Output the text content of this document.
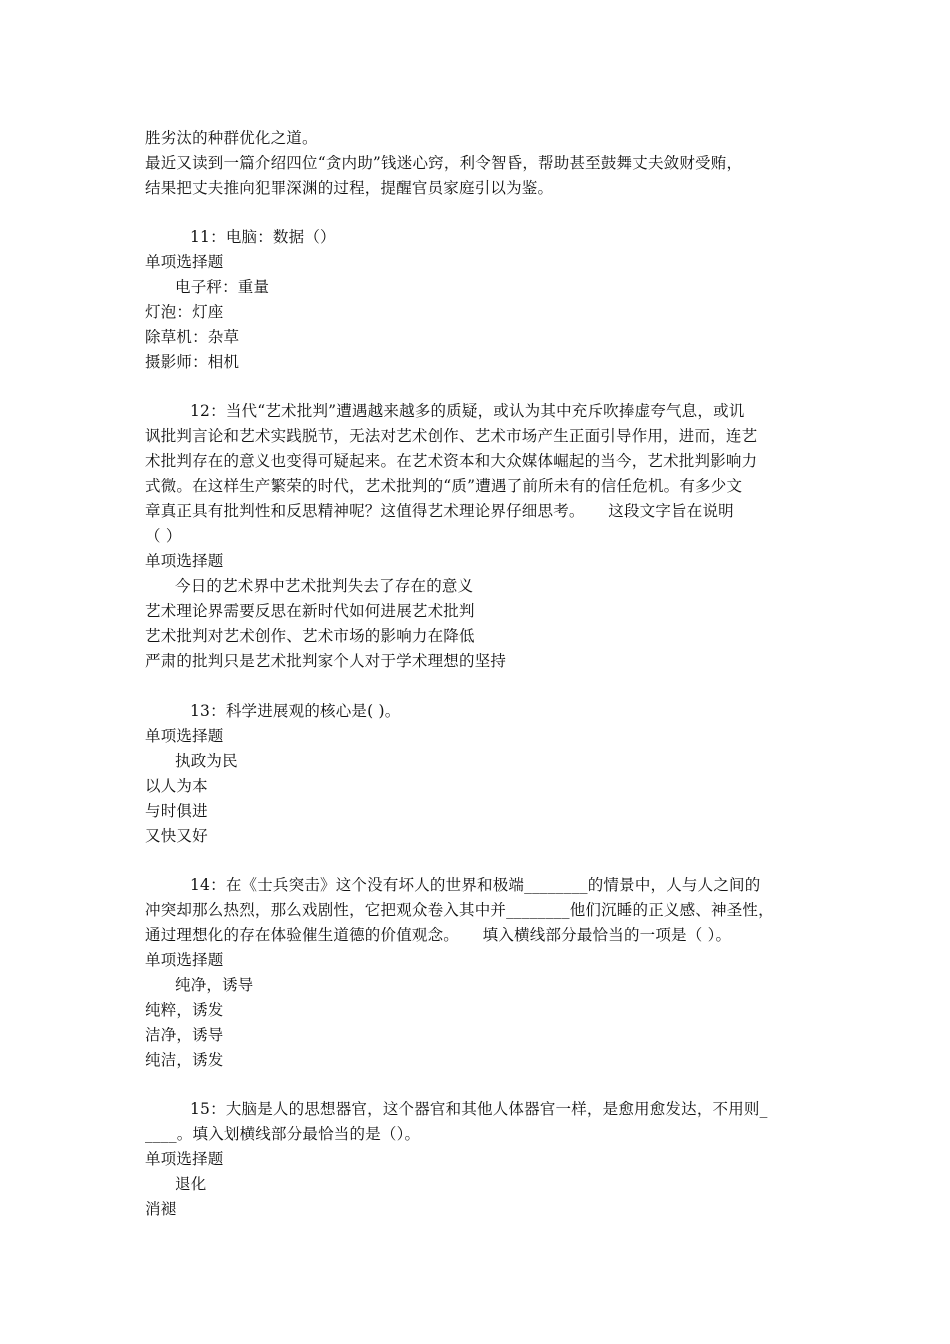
胜劣汰的种群优化之道。
最近又读到一篇介绍四位“贪内助”钱迷心窍，利令智昏，帮助甚至鼓舞丈夫敛财受贿，
结果把丈夫推向犯罪深渊的过程，提醒官员家庭引以为鉴。
11：电脑：数据（）
单项选择题
电子秤：重量
灯泡：灯座
除草机：杂草
摄影师：相机
12：当代“艺术批判”遭遇越来越多的质疑，或认为其中充斥吹捧虚夸气息，或讥
讽批判言论和艺术实践脱节，无法对艺术创作、艺术市场产生正面引导作用，进而，连艺
术批判存在的意义也变得可疑起来。在艺术资本和大众媒体崛起的当今，艺术批判影响力
式微。在这样生产繁荣的时代，艺术批判的“质”遭遇了前所未有的信任危机。有多少文
章真正具有批判性和反思精神呢？这值得艺术理论界仔细思考。　　这段文字旨在说明
（ ）
单项选择题
今日的艺术界中艺术批判失去了存在的意义
艺术理论界需要反思在新时代如何进展艺术批判
艺术批判对艺术创作、艺术市场的影响力在降低
严肃的批判只是艺术批判家个人对于学术理想的坚持
13：科学进展观的核心是( )。
单项选择题
执政为民
以人为本
与时俱进
又快又好
14：在《士兵突击》这个没有坏人的世界和极端________的情景中，人与人之间的
冲突却那么热烈，那么戏剧性，它把观众卷入其中并________他们沉睡的正义感、神圣性，
通过理想化的存在体验催生道德的价值观念。　　填入横线部分最恰当的一项是（ ）。
单项选择题
纯净，诱导
纯粹，诱发
洁净，诱导
纯洁，诱发
15：大脑是人的思想器官，这个器官和其他人体器官一样，是愈用愈发达，不用则_
____。填入划横线部分最恰当的是（）。
单项选择题
退化
消褪
